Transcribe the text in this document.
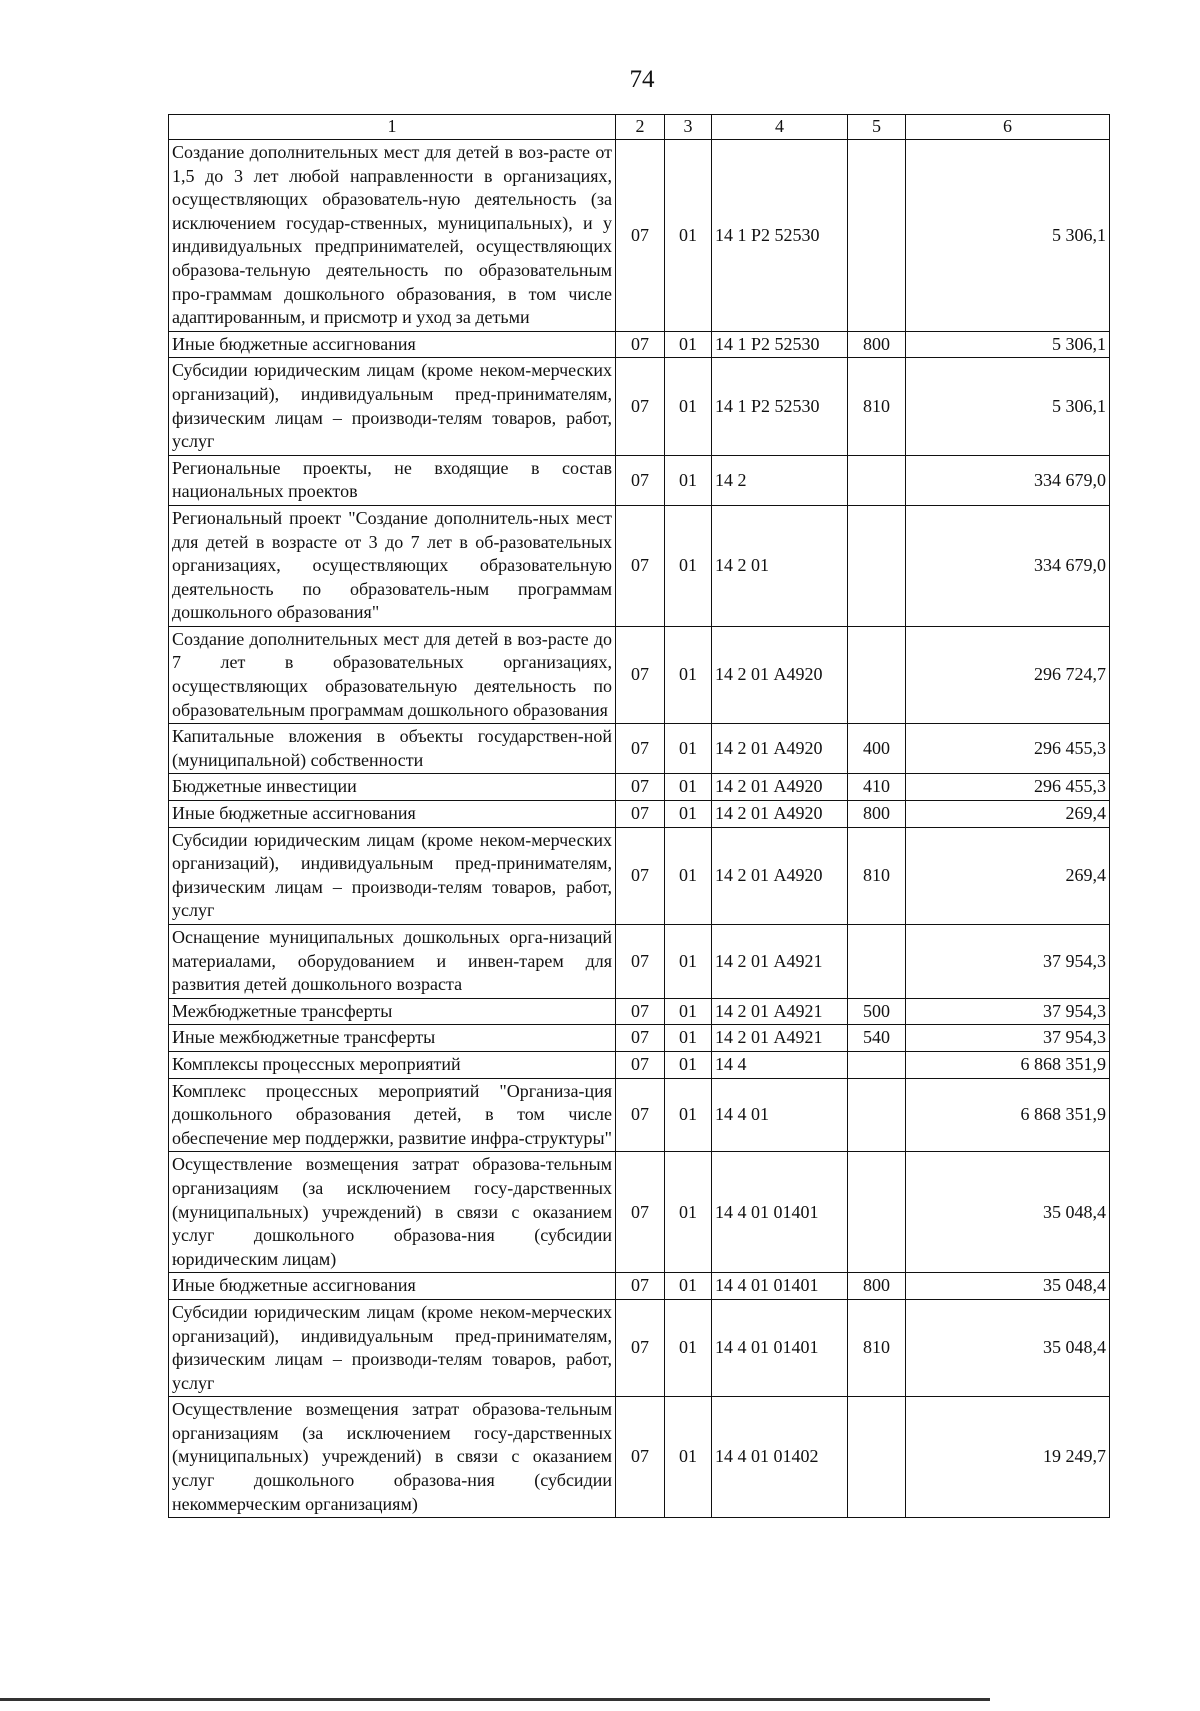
74
1	2	3	4	5	6
Создание дополнительных мест для детей в воз-расте от 1,5 до 3 лет любой направленности в организациях, осуществляющих образователь-ную деятельность (за исключением государ-ственных, муниципальных), и у индивидуальных предпринимателей, осуществляющих образова-тельную деятельность по образовательным про-граммам дошкольного образования, в том числе адаптированным, и присмотр и уход за детьми	07	01	14 1 Р2 52530		5 306,1
Иные бюджетные ассигнования	07	01	14 1 Р2 52530	800	5 306,1
Субсидии юридическим лицам (кроме неком-мерческих организаций), индивидуальным пред-принимателям, физическим лицам – производи-телям товаров, работ, услуг	07	01	14 1 Р2 52530	810	5 306,1
Региональные проекты, не входящие в состав национальных проектов	07	01	14 2		334 679,0
Региональный проект "Создание дополнитель-ных мест для детей в возрасте от 3 до 7 лет в об-разовательных организациях, осуществляющих образовательную деятельность по образователь-ным программам дошкольного образования"	07	01	14 2 01		334 679,0
Создание дополнительных мест для детей в воз-расте до 7 лет в образовательных организациях, осуществляющих образовательную деятельность по образовательным программам дошкольного образования	07	01	14 2 01 А4920		296 724,7
Капитальные вложения в объекты государствен-ной (муниципальной) собственности	07	01	14 2 01 А4920	400	296 455,3
Бюджетные инвестиции	07	01	14 2 01 А4920	410	296 455,3
Иные бюджетные ассигнования	07	01	14 2 01 А4920	800	269,4
Субсидии юридическим лицам (кроме неком-мерческих организаций), индивидуальным пред-принимателям, физическим лицам – производи-телям товаров, работ, услуг	07	01	14 2 01 А4920	810	269,4
Оснащение муниципальных дошкольных орга-низаций материалами, оборудованием и инвен-тарем для развития детей дошкольного возраста	07	01	14 2 01 А4921		37 954,3
Межбюджетные трансферты	07	01	14 2 01 А4921	500	37 954,3
Иные межбюджетные трансферты	07	01	14 2 01 А4921	540	37 954,3
Комплексы процессных мероприятий	07	01	14 4		6 868 351,9
Комплекс процессных мероприятий "Организа-ция дошкольного образования детей, в том числе обеспечение мер поддержки, развитие инфра-структуры"	07	01	14 4 01		6 868 351,9
Осуществление возмещения затрат образова-тельным организациям (за исключением госу-дарственных (муниципальных) учреждений) в связи с оказанием услуг дошкольного образова-ния (субсидии юридическим лицам)	07	01	14 4 01 01401		35 048,4
Иные бюджетные ассигнования	07	01	14 4 01 01401	800	35 048,4
Субсидии юридическим лицам (кроме неком-мерческих организаций), индивидуальным пред-принимателям, физическим лицам – производи-телям товаров, работ, услуг	07	01	14 4 01 01401	810	35 048,4
Осуществление возмещения затрат образова-тельным организациям (за исключением госу-дарственных (муниципальных) учреждений) в связи с оказанием услуг дошкольного образова-ния (субсидии некоммерческим организациям)	07	01	14 4 01 01402		19 249,7
